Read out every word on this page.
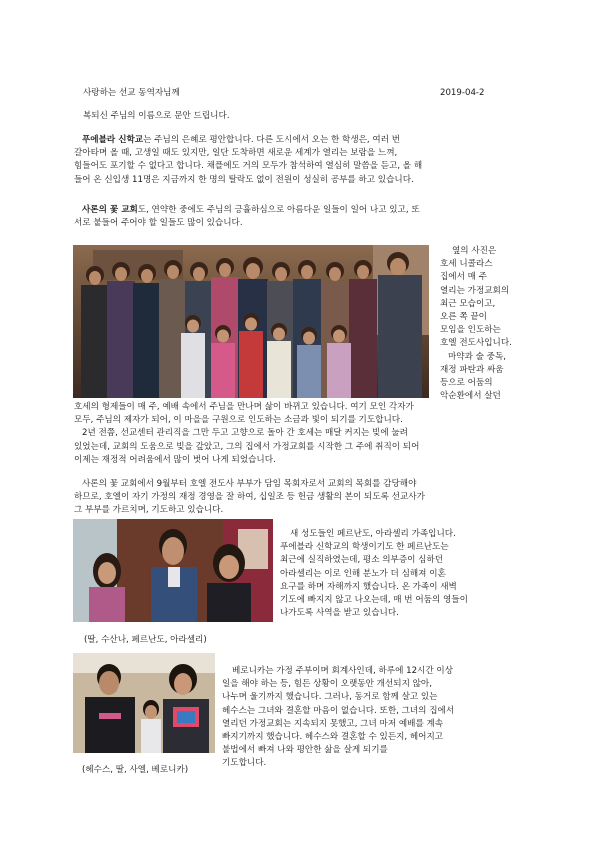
사랑하는 선교 동역자님께	2019-04-2

복되신 주님의 이름으로 문안 드립니다.

푸에블라 신학교는 주님의 은혜로 평안합니다. 다른 도시에서 오는 한 학생은, 여러 번
갈아타며 올 때, 고생일 때도 있지만, 일단 도착하면 새로운 세계가 열리는 보람을 느껴,
힘들어도 포기할 수 없다고 합니다. 채플에도 거의 모두가 참석하여 열심히 말씀을 듣고, 올 해
들어 온 신입생 11명은 지금까지 한 명의 탈락도 없이 전원이 성실히 공부를 하고 있습니다.
사론의 꽃 교회도, 연약한 중에도 주님의 긍휼하심으로 아름다운 일들이 일어 나고 있고, 또
서로 붙들어 주어야 할 일들도 많이 있습니다.
옆의 사진은
호세 니콜라스
집에서 매 주
열리는 가정교회의
최근 모습이고,
오른 쪽 끝이
모임을 인도하는
호엘 전도사입니다.
마약과 술 중독,
재정 파탄과 싸움
등으로 어둠의
악순환에서 살던
호세의 형제들이 매 주, 예배 속에서 주님을 만나며 삶이 바뀌고 있습니다. 여기 모인 각자가
모두, 주님의 제자가 되어, 이 마을을 구원으로 인도하는 소금과 빛이 되기를 기도합니다.
2년 전쯤, 선교센터 관리직을 그만 두고 고향으로 돌아 간 호세는 매달 커지는 빚에 눌려
있었는데, 교회의 도움으로 빚을 갚았고, 그의 집에서 가정교회를 시작한 그 주에 취직이 되어
이제는 재정적 어려움에서 많이 벗어 나게 되었습니다.
사론의 꽃 교회에서 9월부터 호엘 전도사 부부가 담임 목회자로서 교회의 목회를 감당해야
하므로, 호엘이 자기 가정의 재정 경영을 잘 하여, 십일조 등 헌금 생활의 본이 되도록 선교사가
그 부부를 가르치며, 기도하고 있습니다.

(딸, 수산나, 페르난도, 아라셀리)

새 성도들인 페르난도, 아라셀리 가족입니다.
푸에블라 신학교의 학생이기도 한 페르난도는
최근에 실직하였는데, 평소 의부증이 심하던
아라셀리는 이로 인해 분노가 더 심해져 이혼
요구를 하며 자해까지 했습니다. 온 가족이 새벽
기도에 빠지지 않고 나오는데, 매 번 어둠의 영들이
나가도록 사역을 받고 있습니다.

(헤수스, 딸, 사엘, 베로니카)

베로니카는 가정 주부이며 회계사인데, 하루에 12시간 이상
일을 해야 하는 등, 힘든 상황이 오랫동안 개선되지 않아,
나누며 울기까지 했습니다. 그러나, 동거로 함께 살고 있는
헤수스는 그녀와 결혼할 마음이 없습니다. 또한, 그녀의 집에서
열리던 가정교회는 지속되지 못했고, 그녀 마저 예배를 계속
빠지기까지 했습니다. 헤수스와 결혼할 수 있든지, 헤어지고
불법에서 빠져 나와 평안한 삶을 살게 되기를
기도합니다.
